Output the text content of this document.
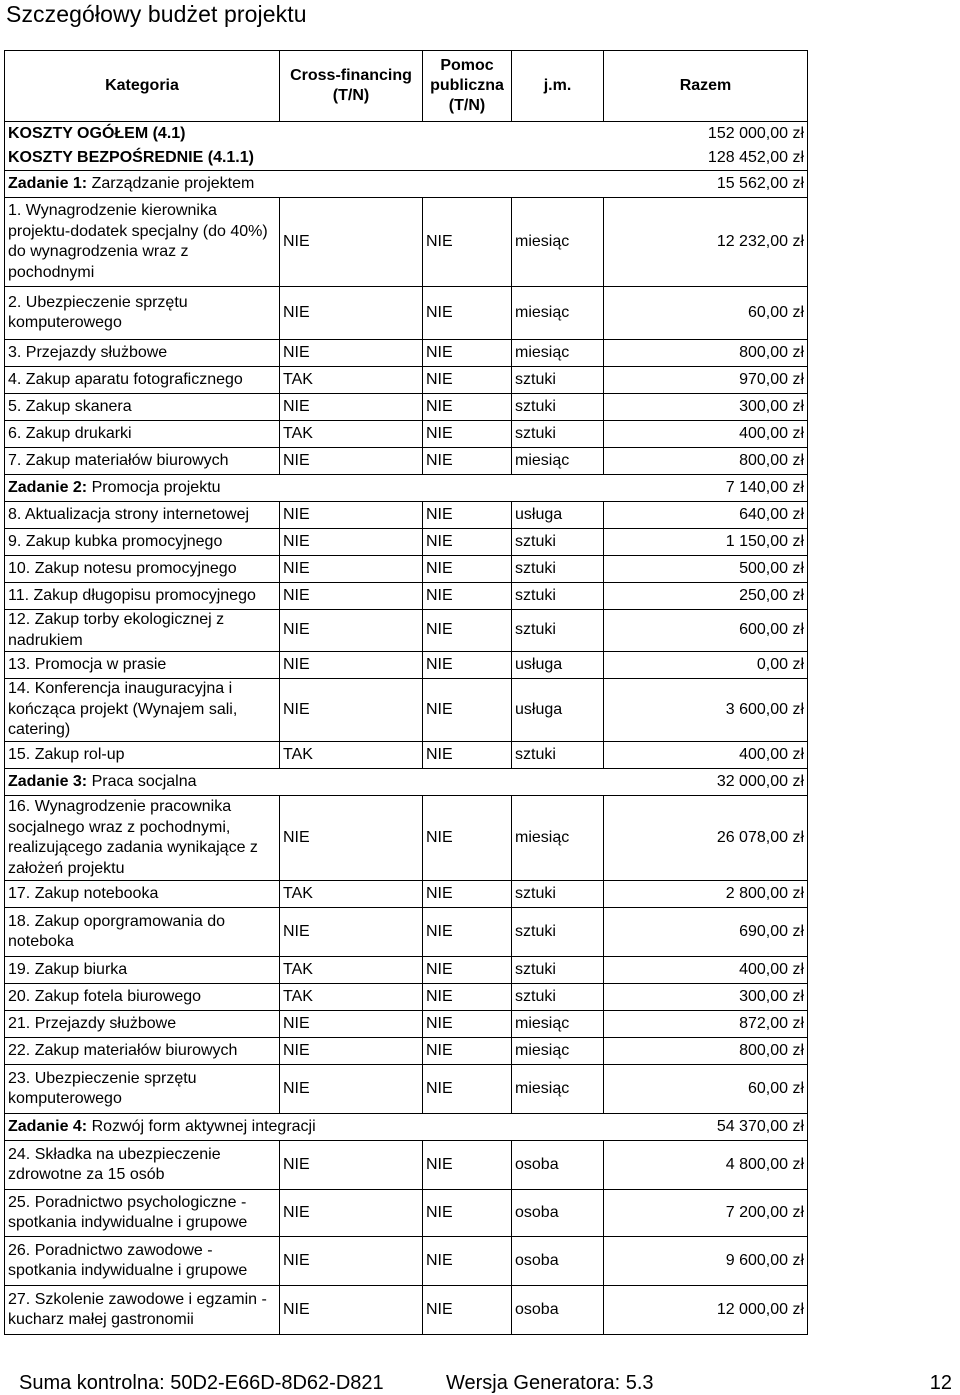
Szczegółowy budżet projektu
Kategoria	Cross-financing (T/N)	Pomoc publiczna (T/N)	j.m.	Razem
KOSZTY OGÓŁEM (4.1)				152 000,00 zł
KOSZTY BEZPOŚREDNIE (4.1.1)				128 452,00 zł
Zadanie 1: Zarządzanie projektem				15 562,00 zł
1. Wynagrodzenie kierownika projektu-dodatek specjalny (do 40%) do wynagrodzenia wraz z pochodnymi	NIE	NIE	miesiąc	12 232,00 zł
2. Ubezpieczenie sprzętu komputerowego	NIE	NIE	miesiąc	60,00 zł
3. Przejazdy służbowe	NIE	NIE	miesiąc	800,00 zł
4. Zakup aparatu fotograficznego	TAK	NIE	sztuki	970,00 zł
5. Zakup skanera	NIE	NIE	sztuki	300,00 zł
6. Zakup drukarki	TAK	NIE	sztuki	400,00 zł
7. Zakup materiałów biurowych	NIE	NIE	miesiąc	800,00 zł
Zadanie 2: Promocja projektu				7 140,00 zł
8. Aktualizacja strony internetowej	NIE	NIE	usługa	640,00 zł
9. Zakup kubka promocyjnego	NIE	NIE	sztuki	1 150,00 zł
10. Zakup notesu promocyjnego	NIE	NIE	sztuki	500,00 zł
11. Zakup długopisu promocyjnego	NIE	NIE	sztuki	250,00 zł
12. Zakup torby ekologicznej z nadrukiem	NIE	NIE	sztuki	600,00 zł
13. Promocja w prasie	NIE	NIE	usługa	0,00 zł
14. Konferencja inauguracyjna i kończąca projekt (Wynajem sali, catering)	NIE	NIE	usługa	3 600,00 zł
15. Zakup rol-up	TAK	NIE	sztuki	400,00 zł
Zadanie 3: Praca socjalna				32 000,00 zł
16. Wynagrodzenie pracownika socjalnego wraz z pochodnymi, realizującego zadania wynikające z założeń projektu	NIE	NIE	miesiąc	26 078,00 zł
17. Zakup notebooka	TAK	NIE	sztuki	2 800,00 zł
18. Zakup oporgramowania do noteboka	NIE	NIE	sztuki	690,00 zł
19. Zakup biurka	TAK	NIE	sztuki	400,00 zł
20. Zakup fotela biurowego	TAK	NIE	sztuki	300,00 zł
21. Przejazdy służbowe	NIE	NIE	miesiąc	872,00 zł
22. Zakup materiałów biurowych	NIE	NIE	miesiąc	800,00 zł
23. Ubezpieczenie sprzętu komputerowego	NIE	NIE	miesiąc	60,00 zł
Zadanie 4: Rozwój form aktywnej integracji				54 370,00 zł
24. Składka na ubezpieczenie zdrowotne za 15 osób	NIE	NIE	osoba	4 800,00 zł
25. Poradnictwo psychologiczne - spotkania indywidualne i grupowe	NIE	NIE	osoba	7 200,00 zł
26. Poradnictwo zawodowe - spotkania indywidualne i grupowe	NIE	NIE	osoba	9 600,00 zł
27. Szkolenie zawodowe i egzamin - kucharz małej gastronomii	NIE	NIE	osoba	12 000,00 zł
Suma kontrolna: 50D2-E66D-8D62-D821	Wersja Generatora: 5.3	12
